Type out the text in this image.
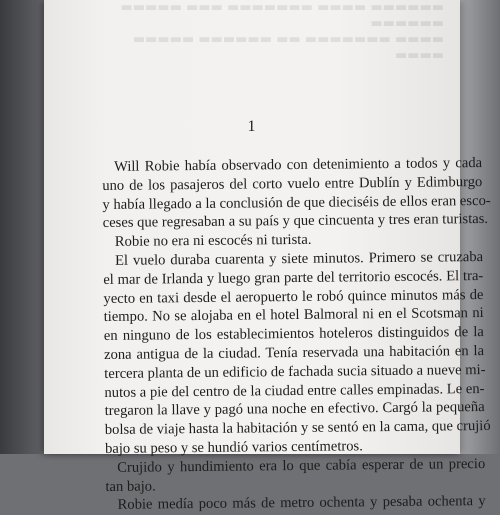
▬▬▬▬▬▬ ▬▬▬▬ ▬▬▬▬▬▬▬ ▬▬▬ ▬▬▬▬▬ ▬▬▬▬▬▬
▬▬▬▬ ▬▬▬▬▬▬▬ ▬▬ ▬▬▬▬▬▬ ▬▬▬▬▬ ▬▬▬▬
1
Will Robie había observado con detenimiento a todos y cada
uno de los pasajeros del corto vuelo entre Dublín y Edimburgo
y había llegado a la conclusión de que dieciséis de ellos eran esco-
ceses que regresaban a su país y que cincuenta y tres eran turistas.
Robie no era ni escocés ni turista.
El vuelo duraba cuarenta y siete minutos. Primero se cruzaba
el mar de Irlanda y luego gran parte del territorio escocés. El tra-
yecto en taxi desde el aeropuerto le robó quince minutos más de
tiempo. No se alojaba en el hotel Balmoral ni en el Scotsman ni
en ninguno de los establecimientos hoteleros distinguidos de la
zona antigua de la ciudad. Tenía reservada una habitación en la
tercera planta de un edificio de fachada sucia situado a nueve mi-
nutos a pie del centro de la ciudad entre calles empinadas. Le en-
tregaron la llave y pagó una noche en efectivo. Cargó la pequeña
bolsa de viaje hasta la habitación y se sentó en la cama, que crujió
bajo su peso y se hundió varios centímetros.
Crujido y hundimiento era lo que cabía esperar de un precio
tan bajo.
Robie medía poco más de metro ochenta y pesaba ochenta y
